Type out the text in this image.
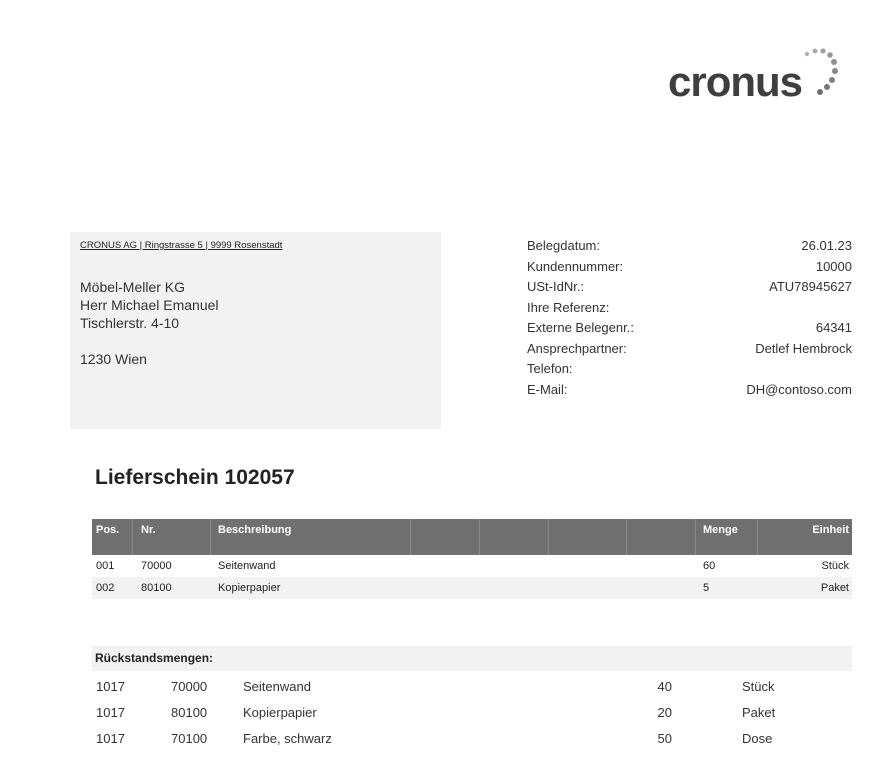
cronus
CRONUS AG | Ringstrasse 5 | 9999 Rosenstadt
Möbel-Meller KG
Herr Michael Emanuel
Tischlerstr. 4-10
1230 Wien
Belegdatum:	26.01.23
Kundennummer:	10000
USt-IdNr.:	ATU78945627
Ihre Referenz:
Externe Belegenr.:	64341
Ansprechpartner:	Detlef Hembrock
Telefon:
E-Mail:	DH@contoso.com
Lieferschein 102057
Pos. Nr.	Beschreibung	Menge	Einheit
001 70000	Seitenwand	60	Stück
002 80100	Kopierpapier	5	Paket
Rückstandsmengen:
1017	70000	Seitenwand	40	Stück
1017	80100	Kopierpapier	20	Paket
1017	70100	Farbe, schwarz	50	Dose
